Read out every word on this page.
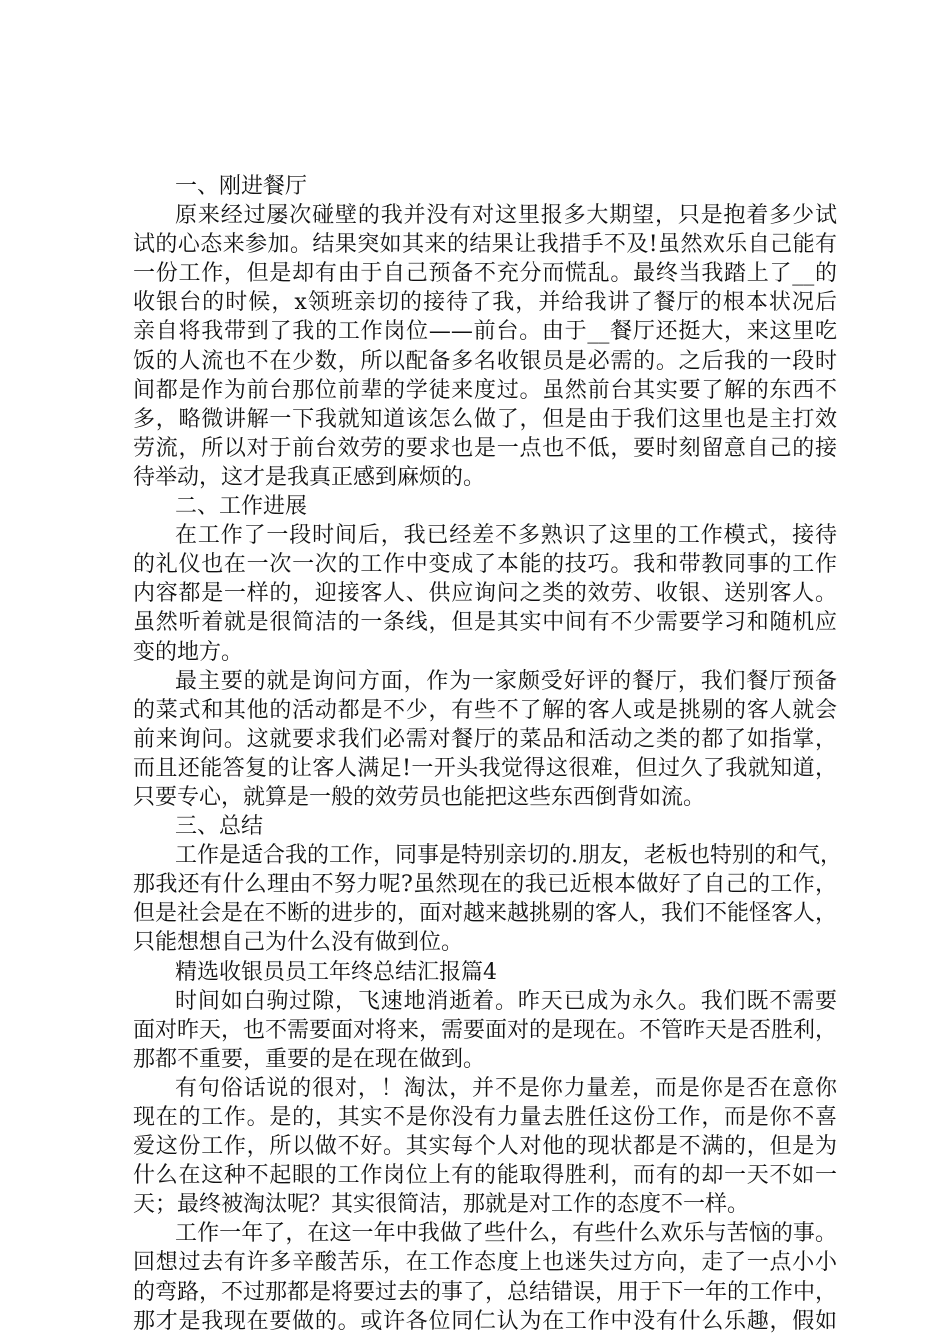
一、刚进餐厅
原来经过屡次碰壁的我并没有对这里报多大期望，只是抱着多少试
试的心态来参加。结果突如其来的结果让我措手不及!虽然欢乐自己能有
一份工作，但是却有由于自己预备不充分而慌乱。最终当我踏上了__的
收银台的时候，x领班亲切的接待了我，并给我讲了餐厅的根本状况后
亲自将我带到了我的工作岗位——前台。由于__餐厅还挺大，来这里吃
饭的人流也不在少数，所以配备多名收银员是必需的。之后我的一段时
间都是作为前台那位前辈的学徒来度过。虽然前台其实要了解的东西不
多，略微讲解一下我就知道该怎么做了，但是由于我们这里也是主打效
劳流，所以对于前台效劳的要求也是一点也不低，要时刻留意自己的接
待举动，这才是我真正感到麻烦的。
二、工作进展
在工作了一段时间后，我已经差不多熟识了这里的工作模式，接待
的礼仪也在一次一次的工作中变成了本能的技巧。我和带教同事的工作
内容都是一样的，迎接客人、供应询问之类的效劳、收银、送别客人。
虽然听着就是很简洁的一条线，但是其实中间有不少需要学习和随机应
变的地方。
最主要的就是询问方面，作为一家颇受好评的餐厅，我们餐厅预备
的菜式和其他的活动都是不少，有些不了解的客人或是挑剔的客人就会
前来询问。这就要求我们必需对餐厅的菜品和活动之类的都了如指掌，
而且还能答复的让客人满足!一开头我觉得这很难，但过久了我就知道，
只要专心，就算是一般的效劳员也能把这些东西倒背如流。
三、总结
工作是适合我的工作，同事是特别亲切的.朋友，老板也特别的和气，
那我还有什么理由不努力呢?虽然现在的我已近根本做好了自己的工作，
但是社会是在不断的进步的，面对越来越挑剔的客人，我们不能怪客人，
只能想想自己为什么没有做到位。
精选收银员员工年终总结汇报篇4
时间如白驹过隙，飞速地消逝着。昨天已成为永久。我们既不需要
面对昨天，也不需要面对将来，需要面对的是现在。不管昨天是否胜利，
那都不重要，重要的是在现在做到。
有句俗话说的很对，！淘汰，并不是你力量差，而是你是否在意你
现在的工作。是的，其实不是你没有力量去胜任这份工作，而是你不喜
爱这份工作，所以做不好。其实每个人对他的现状都是不满的，但是为
什么在这种不起眼的工作岗位上有的能取得胜利，而有的却一天不如一
天；最终被淘汰呢？其实很简洁，那就是对工作的态度不一样。
工作一年了，在这一年中我做了些什么，有些什么欢乐与苦恼的事。
回想过去有许多辛酸苦乐，在工作态度上也迷失过方向，走了一点小小
的弯路，不过那都是将要过去的事了，总结错误，用于下一年的工作中，
那才是我现在要做的。或许各位同仁认为在工作中没有什么乐趣，假如
